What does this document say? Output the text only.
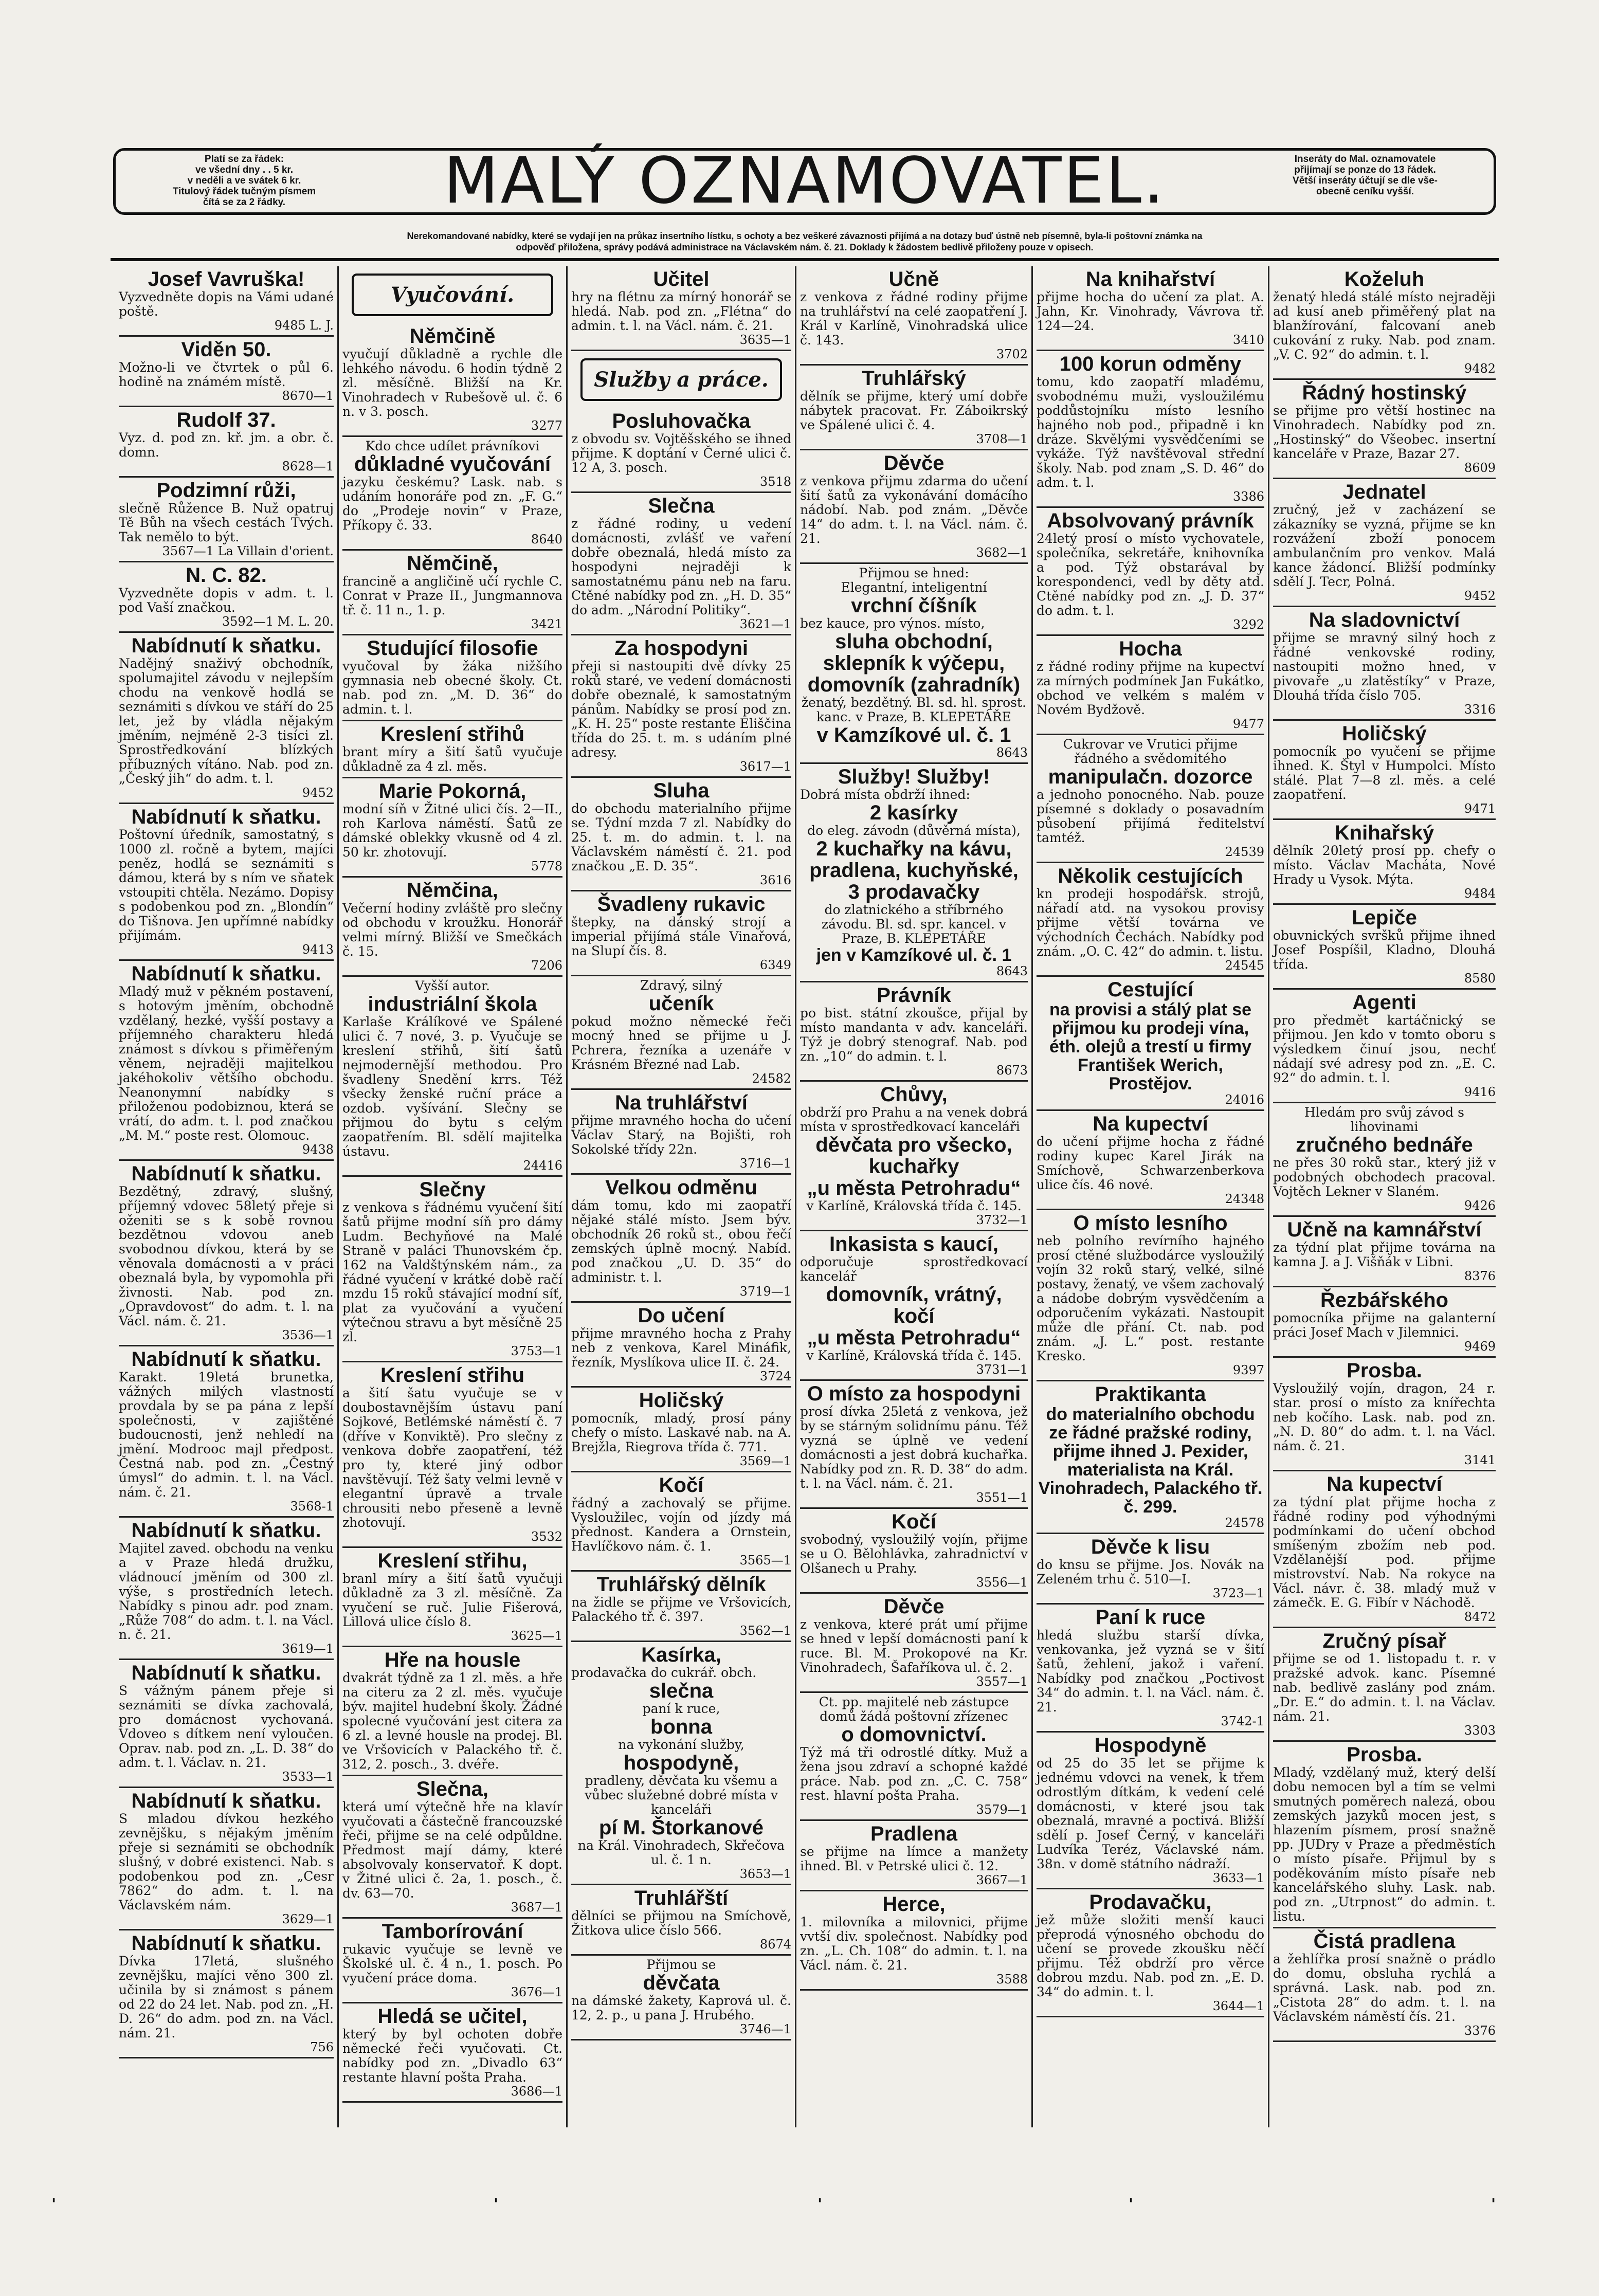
Platí se za řádek:
ve všední dny . . 5 kr.
v neděli a ve svátek 6 kr.
Titulový řádek tučným písmem
čítá se za 2 řádky.	MALÝ OZNAMOVATEL.	Inseráty do Mal. oznamovatele
přijímají se ponze do 13 řádek.
Větší inseráty účtují se dle vše-
obecně ceníku vyšší.
Nerekomandované nabídky, které se vydají jen na průkaz insertního lístku, s ochoty a bez veškeré závaznosti přijímá a na dotazy buď ústně neb písemně, byla-li poštovní známka na
odpověď přiložena, správy podává administrace na Václavském nám. č. 21. Doklady k žádostem bedlivě přiloženy pouze v opisech.
Josef Vavruška!
Vyzvedněte dopis na Vámi udané poště.
9485 L. J.
Viděn 50.
Možno-li ve čtvrtek o půl 6. hodině na známém místě.
8670—1
Rudolf 37.
Vyz. d. pod zn. kř. jm. a obr. č. domn.
8628—1
Podzimní růži,
slečně Růžence B. Nuž opatruj Tě Bůh na všech cestách Tvých. Tak nemělo to být.
3567—1 La Villain d'orient.
N. C. 82.
Vyzvedněte dopis v adm. t. l. pod Vaší značkou.
3592—1 M. L. 20.
Nabídnutí k sňatku.
Nadějný snaživý obchodník, spolumajitel závodu v nejlepším chodu na venkově hodlá se seznámiti s dívkou ve stáří do 25 let, jež by vládla nějakým jměním, nejméně 2-3 tisíci zl. Sprostředkování blízkých příbuzných vítáno. Nab. pod zn. „Český jih“ do adm. t. l.
9452
Nabídnutí k sňatku.
Poštovní úředník, samostatný, s 1000 zl. ročně a bytem, majíci peněz, hodlá se seznámiti s dámou, která by s ním ve sňatek vstoupiti chtěla. Nezámo. Dopisy s podobenkou pod zn. „Blondín“ do Tišnova. Jen upřímné nabídky přijímám.
9413
Nabídnutí k sňatku.
Mladý muž v pěkném postavení, s hotovým jměním, obchodně vzdělaný, hezké, vyšší postavy a příjemného charakteru hledá známost s dívkou s přiměřeným věnem, nejraději majitelkou jakéhokoliv většího obchodu. Neanonymní nabídky s přiloženou podobiznou, která se vrátí, do adm. t. l. pod značkou „M. M.“ poste rest. Olomouc.
9438
Nabídnutí k sňatku.
Bezdětný, zdravý, slušný, příjemný vdovec 58letý přeje si oženiti se s k sobě rovnou bezdětnou vdovou aneb svobodnou dívkou, která by se věnovala domácnosti a v práci obeznalá byla, by vypomohla při živnosti. Nab. pod zn. „Opravdovost“ do adm. t. l. na Václ. nám. č. 21.
3536—1
Nabídnutí k sňatku.
Karakt. 19letá brunetka, vážných milých vlastností provdala by se pa pána z lepší společnosti, v zajištěné budoucnosti, jenž nehledí na jmění. Modrooc majl předpost. Čestná nab. pod zn. „Čestný úmysl“ do admin. t. l. na Václ. nám. č. 21.
3568-1
Nabídnutí k sňatku.
Majitel zaved. obchodu na venku a v Praze hledá družku, vládnoucí jměním od 300 zl. výše, s prostředních letech. Nabídky s pinou adr. pod znam. „Růže 708“ do adm. t. l. na Václ. n. č. 21.
3619—1
Nabídnutí k sňatku.
S vážným pánem přeje si seznámiti se dívka zachovalá, pro domácnost vychovaná. Vdoveo s dítkem není vyloučen. Oprav. nab. pod zn. „L. D. 38“ do adm. t. l. Václav. n. 21.
3533—1
Nabídnutí k sňatku.
S mladou dívkou hezkého zevnějšku, s nějakým jměním přeje si seznámiti se obchodník slušný, v dobré existenci. Nab. s podobenkou pod zn. „Cesr 7862“ do adm. t. l. na Václavském nám.
3629—1
Nabídnutí k sňatku.
Dívka 17letá, slušného zevnějšku, majíci věno 300 zl. učinila by si známost s pánem od 22 do 24 let. Nab. pod zn. „H. D. 26“ do adm. pod zn. na Václ. nám. 21.
756
Vyučování.
Němčině
vyučují důkladně a rychle dle lehkého návodu. 6 hodin týdně 2 zl. měsíčně. Bližší na Kr. Vinohradech v Rubešově ul. č. 6 n. v 3. posch.
3277
Kdo chce udílet právníkovi
důkladné vyučování
jazyku českému? Lask. nab. s udáním honoráře pod zn. „F. G.“ do „Prodeje novin“ v Praze, Příkopy č. 33.
8640
Němčině,
francině a angličině učí rychle C. Conrat v Praze II., Jungmannova tř. č. 11 n., 1. p.
3421
Studující filosofie
vyučoval by žáka nižšího gymnasia neb obecné školy. Ct. nab. pod zn. „M. D. 36“ do admin. t. l.
Kreslení střihů
brant míry a šití šatů vyučuje důkladně za 4 zl. měs.
Marie Pokorná,
modní síň v Žitné ulici čís. 2—II., roh Karlova náměstí. Šatů ze dámské oblekky vkusně od 4 zl. 50 kr. zhotovují.
5778
Němčina,
Večerní hodiny zvláště pro slečny od obchodu v kroužku. Honorář velmi mírný. Bližší ve Smečkách č. 15.
7206
Vyšší autor.
industriální škola
Karlaše Králíkové ve Spálené ulici č. 7 nové, 3. p. Vyučuje se kreslení střihů, šití šatů nejmodernější methodou. Pro švadleny Snedění krrs. Též všecky ženské ruční práce a ozdob. vyšívání. Slečny se přijmou do bytu s celým zaopatřením. Bl. sdělí majitelka ústavu.
24416
Slečny
z venkova s řádnému vyučení šití šatů přijme modní síň pro dámy Ludm. Bechyňové na Malé Straně v paláci Thunovském čp. 162 na Valdštýnském nám., za řádné vyučení v krátké době račí mzdu 15 roků stávající modní síť, plat za vyučování a vyučení výtečnou stravu a byt měsíčně 25 zl.
3753—1
Kreslení střihu
a šití šatu vyučuje se v doubostavnějším ústavu paní Sojkové, Betlémské náměstí č. 7 (dříve v Konviktě). Pro slečny z venkova dobře zaopatření, též pro ty, které jiný odbor navštěvují. Též šaty velmi levně v elegantní úpravě a trvale chrousiti nebo přeseně a levně zhotovují.
3532
Kreslení střihu,
branl míry a šití šatů vyučuji důkladně za 3 zl. měsíčně. Za vyučení se ruč. Julie Fišerová, Lillová ulice číslo 8.
3625—1
Hře na housle
dvakrát týdně za 1 zl. měs. a hře na citeru za 2 zl. měs. vyučuje býv. majitel hudební školy. Žádné spolecné vyučování jest citera za 6 zl. a levné housle na prodej. Bl. ve Vršovicích v Palackého tř. č. 312, 2. posch., 3. dvéře.
Slečna,
která umí výtečně hře na klavír vyučovati a částečně francouzské řeči, přijme se na celé odpůldne. Předmost mají dámy, které absolvovaly konservatoř. K dopt. v Žitné ulici č. 2a, 1. posch., č. dv. 63—70.
3687—1
Tamborírování
rukavic vyučuje se levně ve Školské ul. č. 4 n., 1. posch. Po vyučení práce doma.
3676—1
Hledá se učitel,
který by byl ochoten dobře německé řeči vyučovati. Ct. nabídky pod zn. „Divadlo 63“ restante hlavní pošta Praha.
3686—1
Učitel
hry na flétnu za mírný honorář se hledá. Nab. pod zn. „Flétna“ do admin. t. l. na Václ. nám. č. 21.
3635—1
Služby a práce.
Posluhovačka
z obvodu sv. Vojtěšského se ihned přijme. K doptání v Černé ulici č. 12 A, 3. posch.
3518
Slečna
z řádné rodiny, u vedení domácnosti, zvlášť ve vaření dobře obeznalá, hledá místo za hospodyni nejraději k samostatnému pánu neb na faru. Ctěné nabídky pod zn. „H. D. 35“ do adm. „Národní Politiky“.
3621—1
Za hospodyni
přeji si nastoupiti dvě dívky 25 roků staré, ve vedení domácnosti dobře obeznalé, k samostatným pánům. Nabídky se prosí pod zn. „K. H. 25“ poste restante Eliščina třída do 25. t. m. s udáním plné adresy.
3617—1
Sluha
do obchodu materialního přijme se. Týdní mzda 7 zl. Nabídky do 25. t. m. do admin. t. l. na Václavském náměstí č. 21. pod značkou „E. D. 35“.
3616
Švadleny rukavic
štepky, na dánský strojí a imperial přijímá stále Vinařová, na Slupí čís. 8.
6349
Zdravý, silný
učeník
pokud možno německé řeči mocný hned se přijme u J. Pchrera, řezníka a uzenáře v Krásném Březné nad Lab.
24582
Na truhlářství
přijme mravného hocha do učení Václav Starý, na Bojišti, roh Sokolské třídy 22n.
3716—1
Velkou odměnu
dám tomu, kdo mi zaopatří nějaké stálé místo. Jsem býv. obchodník 26 roků st., obou řečí zemských úplně mocný. Nabíd. pod značkou „U. D. 35“ do administr. t. l.
3719—1
Do učení
přijme mravného hocha z Prahy neb z venkova, Karel Mináfik, řezník, Myslíkova ulice II. č. 24.
3724
Holičský
pomocník, mladý, prosí pány chefy o místo. Laskavé nab. na A. Brejžla, Riegrova třída č. 771.
3569—1
Kočí
řádný a zachovalý se přijme. Vysloužilec, vojín od jízdy má přednost. Kandera a Ornstein, Havlíčkovo nám. č. 1.
3565—1
Truhlářský dělník
na židle se přijme ve Vršovicích, Palackého tř. č. 397.
3562—1
Kasírka,
prodavačka do cukrář. obch.
slečna
paní k ruce,
bonna
na vykonání služby,
hospodyně,
pradleny, děvčata ku všemu a vůbec služebné dobré místa v kanceláři
pí M. Štorkanové
na Král. Vinohradech, Skřečova ul. č. 1 n.
3653—1
Truhlářští
dělníci se přijmou na Smíchově, Žitkova ulice číslo 566.
8674
Přijmou se
děvčata
na dámské žakety, Kaprová ul. č. 12, 2. p., u pana J. Hrubého.
3746—1
Učně
z venkova z řádné rodiny přijme na truhlářství na celé zaopatření J. Král v Karlíně, Vinohradská ulice č. 143.
3702
Truhlářský
dělník se přijme, který umí dobře nábytek pracovat. Fr. Záboikrský ve Spálené ulici č. 4.
3708—1
Děvče
z venkova přijmu zdarma do učení šití šatů za vykonávání domácího nádobí. Nab. pod znám. „Děvče 14“ do adm. t. l. na Václ. nám. č. 21.
3682—1
Přijmou se hned:
Elegantní, inteligentní
vrchní číšník
bez kauce, pro výnos. místo,
sluha obchodní,
sklepník k výčepu,
domovník (zahradník)
ženatý, bezdětný. Bl. sd. hl. sprost. kanc. v Praze, B. KLEPETÁŘE
v Kamzíkové ul. č. 1
8643
Služby! Služby!
Dobrá místa obdrží ihned:
2 kasírky
do eleg. závodn (důvěrná místa),
2 kuchařky na kávu,
pradlena, kuchyňské,
3 prodavačky
do zlatnického a stříbrného závodu. Bl. sd. spr. kancel. v Praze, B. KLEPETÁŘE
jen v Kamzíkové ul. č. 1
8643
Právník
po bist. státní zkoušce, přijal by místo mandanta v adv. kanceláři. Týž je dobrý stenograf. Nab. pod zn. „10“ do admin. t. l.
8673
Chůvy,
obdrží pro Prahu a na venek dobrá místa v sprostředkovací kanceláři
děvčata pro všecko,
kuchařky
„u města Petrohradu“
v Karlíně, Královská třída č. 145.
3732—1
Inkasista s kaucí,
odporučuje sprostředkovací kancelář
domovník, vrátný,
kočí
„u města Petrohradu“
v Karlíně, Královská třída č. 145.
3731—1
O místo za hospodyni
prosí dívka 25letá z venkova, jež by se stárným solidnímu pánu. Též vyzná se úplně ve vedení domácnosti a jest dobrá kuchařka. Nabídky pod zn. R. D. 38“ do adm. t. l. na Václ. nám. č. 21.
3551—1
Kočí
svobodný, vysloužilý vojín, přijme se u O. Bělohlávka, zahradnictví v Olšanech u Prahy.
3556—1
Děvče
z venkova, které prát umí přijme se hned v lepší domácnosti paní k ruce. Bl. M. Prokopové na Kr. Vinohradech, Šafaříkova ul. č. 2.
3557—1
Ct. pp. majitelé neb zástupce domů žádá poštovní zřízenec
o domovnictví.
Týž má tři odrostlé dítky. Muž a žena jsou zdraví a schopné každé práce. Nab. pod zn. „C. C. 758“ rest. hlavní pošta Praha.
3579—1
Pradlena
se přijme na límce a manžety ihned. Bl. v Petrské ulici č. 12.
3667—1
Herce,
1. milovníka a milovnici, přijme vvtší div. společnost. Nabídky pod zn. „L. Ch. 108“ do admin. t. l. na Václ. nám. č. 21.
3588
Na knihařství
přijme hocha do učení za plat. A. Jahn, Kr. Vinohrady, Vávrova tř. 124—24.
3410
100 korun odměny
tomu, kdo zaopatří mladému, svobodnému muži, vysloužilému poddůstojníku místo lesního hajného nob pod., připadně i kn dráze. Skvělými vysvědčeními se vykáže. Týž navštěvoval střední školy. Nab. pod znam „S. D. 46“ do adm. t. l.
3386
Absolvovaný právník
24letý prosí o místo vychovatele, společníka, sekretáře, knihovníka a pod. Týž obstarával by korespondenci, vedl by děty atd. Ctěné nabídky pod zn. „J. D. 37“ do adm. t. l.
3292
Hocha
z řádné rodiny přijme na kupectví za mírných podmínek Jan Fukátko, obchod ve velkém s malém v Novém Bydžově.
9477
Cukrovar ve Vrutici přijme řádného a svědomitého
manipulačn. dozorce
a jednoho ponocného. Nab. pouze písemné s doklady o posavadním působení přijímá ředitelství tamtéž.
24539
Několik cestujících
kn prodeji hospodářsk. strojů, nářadí atd. na vysokou provisy přijme větší továrna ve východních Čechách. Nabídky pod znám. „O. C. 42“ do admin. t. listu.
24545
Cestující
na provisi a stálý plat se přijmou ku prodeji vína, éth. olejů a trestí u firmy František Werich, Prostějov.
24016
Na kupectví
do učení přijme hocha z řádné rodiny kupec Karel Jirák na Smíchově, Schwarzenberkova ulice čís. 46 nové.
24348
O místo lesního
neb polního revírního hajného prosí ctěné službodárce vysloužilý vojín 32 roků starý, velké, silné postavy, ženatý, ve všem zachovalý a nádobe dobrým vysvědčením a odporučením vykázati. Nastoupit může dle přání. Ct. nab. pod znám. „J. L.“ post. restante Kresko.
9397
Praktikanta
do materialního obchodu ze řádné pražské rodiny, přijme ihned J. Pexider, materialista na Král. Vinohradech, Palackého tř. č. 299.
24578
Děvče k lisu
do knsu se přijme. Jos. Novák na Zeleném trhu č. 510—I.
3723—1
Paní k ruce
hledá službu starší dívka, venkovanka, jež vyzná se v šití šatů, žehlení, jakož i vaření. Nabídky pod značkou „Poctivost 34“ do admin. t. l. na Václ. nám. č. 21.
3742-1
Hospodyně
od 25 do 35 let se přijme k jednému vdovci na venek, k třem odrostlým dítkám, k vedení celé domácnosti, v které jsou tak obeznalá, mravné a poctivá. Bližší sdělí p. Josef Černý, v kanceláři Ludvíka Teréz, Václavské nám. 38n. v domě státního nádraží.
3633—1
Prodavačku,
jež může složiti menší kauci přeprodá výnosného obchodu do učení se provede zkoušku něčí přijmu. Též obdrží pro věrce dobrou mzdu. Nab. pod zn. „E. D. 34“ do admin. t. l.
3644—1
Koželuh
ženatý hledá stálé místo nejraději ad kusí aneb přiměřený plat na blanžírování, falcovaní aneb cukování z ruky. Nab. pod znam. „V. C. 92“ do admin. t. l.
9482
Řádný hostinský
se přijme pro větší hostinec na Vinohradech. Nabídky pod zn. „Hostinský“ do Všeobec. insertní kanceláře v Praze, Bazar 27.
8609
Jednatel
zručný, jež v zacházení se zákazníky se vyzná, přijme se kn rozvážení zboží ponocem ambulančním pro venkov. Malá kance žádoncí. Bližší podmínky sdělí J. Tecr, Polná.
9452
Na sladovnictví
přijme se mravný silný hoch z řádné venkovské rodiny, nastoupiti možno hned, v pivovaře „u zlatěstíky“ v Praze, Dlouhá třída číslo 705.
3316
Holičský
pomocník po vyučení se přijme ihned. K. Štyl v Humpolci. Místo stálé. Plat 7—8 zl. měs. a celé zaopatření.
9471
Knihařský
dělník 20letý prosí pp. chefy o místo. Václav Macháta, Nové Hrady u Vysok. Mýta.
9484
Lepiče
obuvnických svršků přijme ihned Josef Pospíšil, Kladno, Dlouhá třída.
8580
Agenti
pro předmět kartáčnický se přijmou. Jen kdo v tomto oboru s výsledkem činuí jsou, nechť nádají své adresy pod zn. „E. C. 92“ do admin. t. l.
9416
Hledám pro svůj závod s lihovinami
zručného bednáře
ne přes 30 roků star., který již v podobných obchodech pracoval. Vojtěch Lekner v Slaném.
9426
Učně na kamnářství
za týdní plat přijme továrna na kamna J. a J. Višňák v Libni.
8376
Řezbářského
pomocníka přijme na galanterní práci Josef Mach v Jilemnici.
9469
Prosba.
Vysloužilý vojín, dragon, 24 r. star. prosí o místo za knířechta neb kočího. Lask. nab. pod zn. „N. D. 80“ do adm. t. l. na Václ. nám. č. 21.
3141
Na kupectví
za týdní plat přijme hocha z řádné rodiny pod výhodnými podmínkami do učení obchod smíšeným zbožím neb pod. Vzdělanější pod. přijme mistrovství. Nab. Na rokyce na Václ. návr. č. 38. mladý muž v zámečk. E. G. Fibír v Náchodě.
8472
Zručný písař
přijme se od 1. listopadu t. r. v pražské advok. kanc. Písemné nab. bedlivě zaslány pod znám. „Dr. E.“ do admin. t. l. na Václav. nám. 21.
3303
Prosba.
Mladý, vzdělaný muž, který delší dobu nemocen byl a tím se velmi smutných poměrech nalezá, obou zemských jazyků mocen jest, s hlazením písmem, prosí snažně pp. JUDry v Praze a předměstích o místo písaře. Přijmul by s poděkováním místo písaře neb kancelářského sluhy. Lask. nab. pod zn. „Utrpnost“ do admin. t. listu.
Čistá pradlena
a žehlířka prosí snažně o prádlo do domu, obsluha rychlá a správná. Lask. nab. pod zn. „Cistota 28“ do adm. t. l. na Václavském náměstí čís. 21.
3376
'	'	'	'	'
